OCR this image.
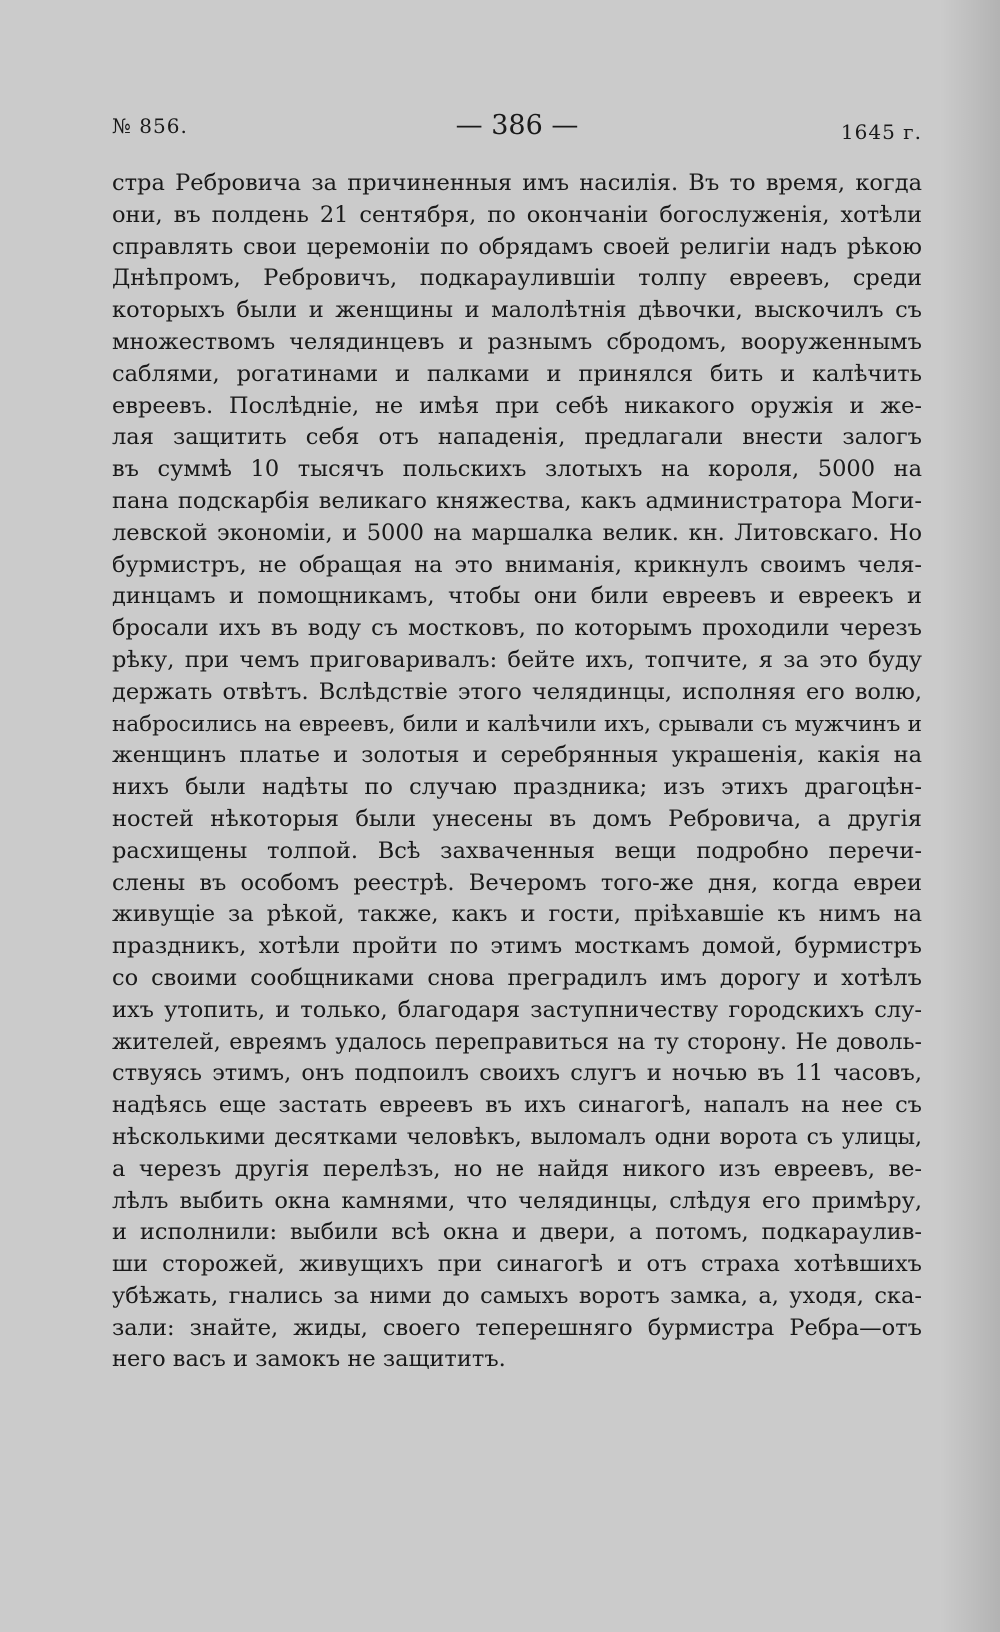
№ 856.	— 386 —	1645 г.
стра Ребровича за причиненныя имъ насилія. Въ то время, когда
они, въ полдень 21 сентября, по окончаніи богослуженія, хотѣли
справлять свои церемоніи по обрядамъ своей религіи надъ рѣкою
Днѣпромъ, Ребровичъ, подкараулившіи толпу евреевъ, среди
которыхъ были и женщины и малолѣтнія дѣвочки, выскочилъ съ
множествомъ челядинцевъ и разнымъ сбродомъ, вооруженнымъ
саблями, рогатинами и палками и принялся бить и калѣчить
евреевъ. Послѣдніе, не имѣя при себѣ никакого оружія и же-
лая защитить себя отъ нападенія, предлагали внести залогъ
въ суммѣ 10 тысячъ польскихъ злотыхъ на короля, 5000 на
пана подскарбія великаго княжества, какъ администратора Моги-
левской экономіи, и 5000 на маршалка велик. кн. Литовскаго. Но
бурмистръ, не обращая на это вниманія, крикнулъ своимъ челя-
динцамъ и помощникамъ, чтобы они били евреевъ и евреекъ и
бросали ихъ въ воду съ мостковъ, по которымъ проходили черезъ
рѣку, при чемъ приговаривалъ: бейте ихъ, топчите, я за это буду
держать отвѣтъ. Вслѣдствіе этого челядинцы, исполняя его волю,
набросились на евреевъ, били и калѣчили ихъ, срывали съ мужчинъ и
женщинъ платье и золотыя и серебрянныя украшенія, какія на
нихъ были надѣты по случаю праздника; изъ этихъ драгоцѣн-
ностей нѣкоторыя были унесены въ домъ Ребровича, а другія
расхищены толпой. Всѣ захваченныя вещи подробно перечи-
слены въ особомъ реестрѣ. Вечеромъ того-же дня, когда евреи
живущіе за рѣкой, также, какъ и гости, пріѣхавшіе къ нимъ на
праздникъ, хотѣли пройти по этимъ мосткамъ домой, бурмистръ
со своими сообщниками снова преградилъ имъ дорогу и хотѣлъ
ихъ утопить, и только, благодаря заступничеству городскихъ слу-
жителей, евреямъ удалось переправиться на ту сторону. Не доволь-
ствуясь этимъ, онъ подпоилъ своихъ слугъ и ночью въ 11 часовъ,
надѣясь еще застать евреевъ въ ихъ синагогѣ, напалъ на нее съ
нѣсколькими десятками человѣкъ, выломалъ одни ворота съ улицы,
а черезъ другія перелѣзъ, но не найдя никого изъ евреевъ, ве-
лѣлъ выбить окна камнями, что челядинцы, слѣдуя его примѣру,
и исполнили: выбили всѣ окна и двери, а потомъ, подкараулив-
ши сторожей, живущихъ при синагогѣ и отъ страха хотѣвшихъ
убѣжать, гнались за ними до самыхъ воротъ замка, а, уходя, ска-
зали: знайте, жиды, своего теперешняго бурмистра Ребра—отъ
него васъ и замокъ не защититъ.
